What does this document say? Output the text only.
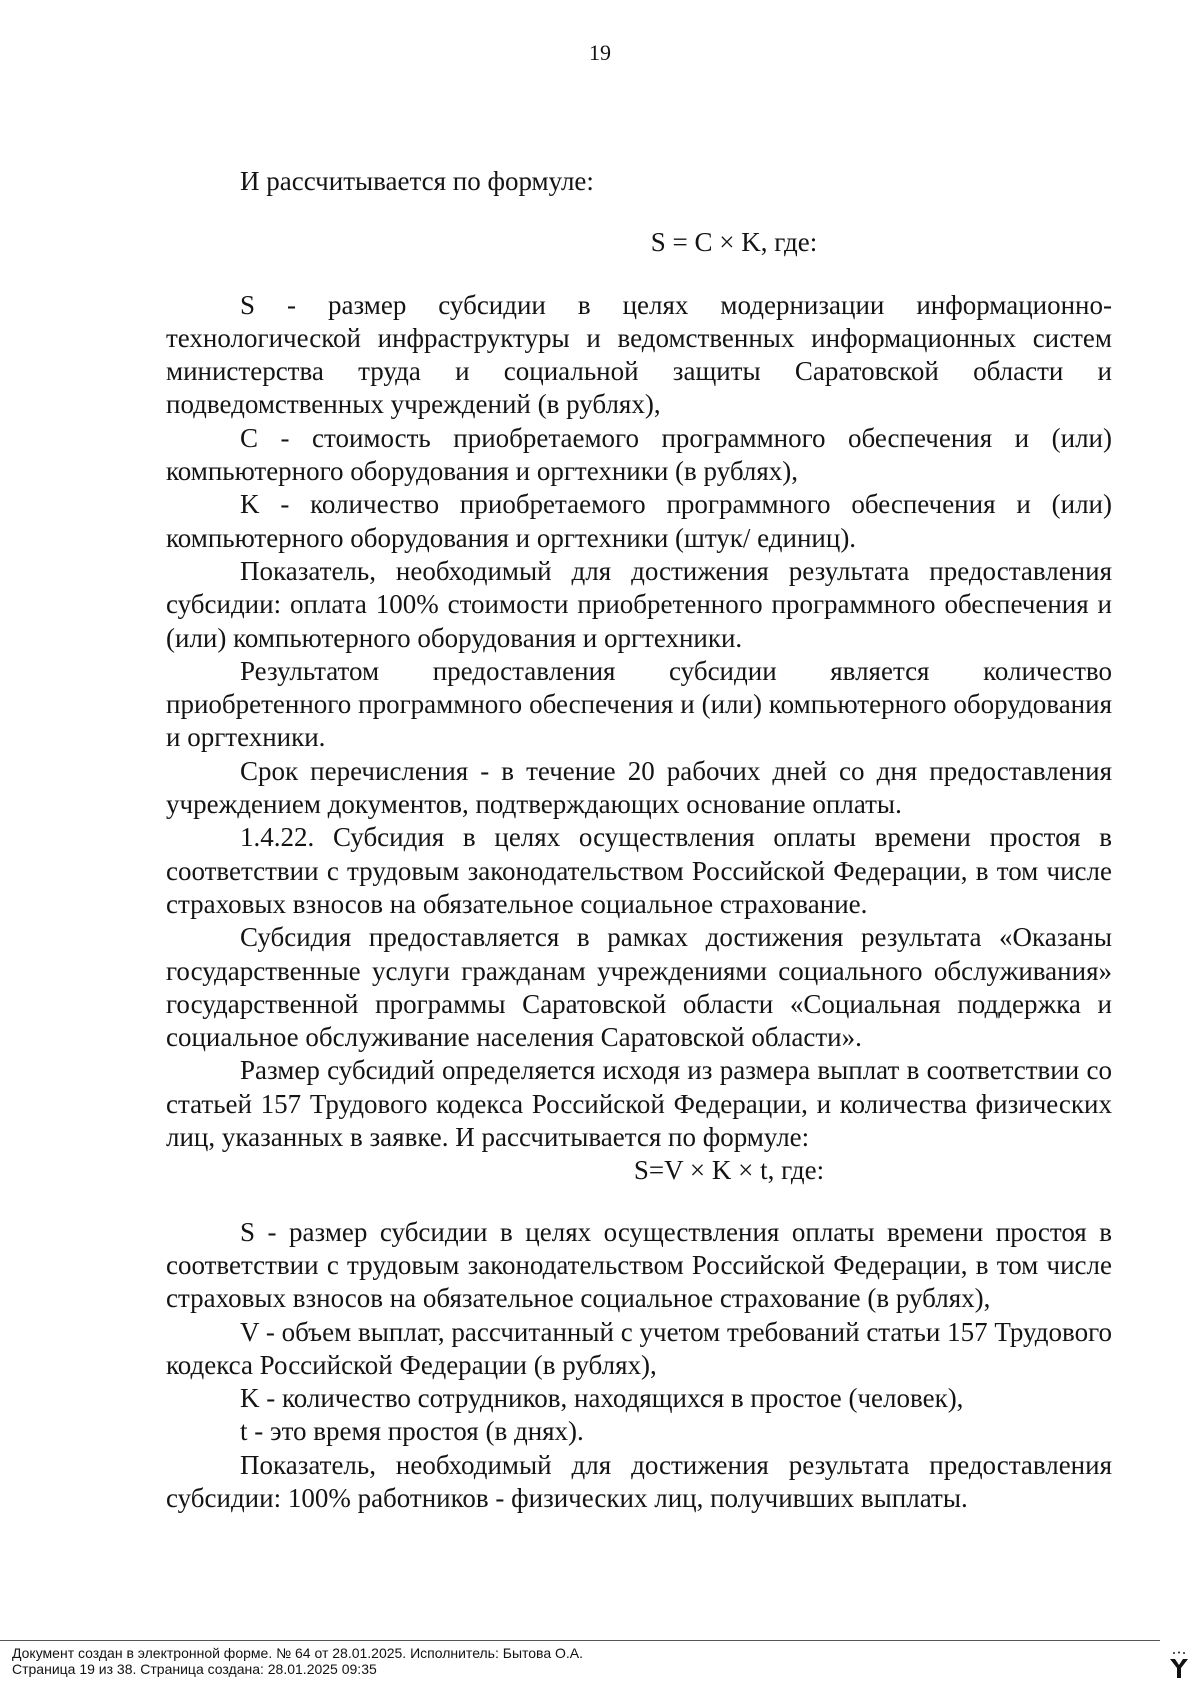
19

И рассчитывается по формуле:

S = C × K, где:

S - размер субсидии в целях модернизации информационно-технологической инфраструктуры и ведомственных информационных систем министерства труда и социальной защиты Саратовской области и подведомственных учреждений (в рублях),

C - стоимость приобретаемого программного обеспечения и (или) компьютерного оборудования и оргтехники (в рублях),

K - количество приобретаемого программного обеспечения и (или) компьютерного оборудования и оргтехники (штук/ единиц).

Показатель, необходимый для достижения результата предоставления субсидии: оплата 100% стоимости приобретенного программного обеспечения и (или) компьютерного оборудования и оргтехники.

Результатом предоставления субсидии является количество приобретенного программного обеспечения и (или) компьютерного оборудования и оргтехники.

Срок перечисления - в течение 20 рабочих дней со дня предоставления учреждением документов, подтверждающих основание оплаты.

1.4.22. Субсидия в целях осуществления оплаты времени простоя в соответствии с трудовым законодательством Российской Федерации, в том числе страховых взносов на обязательное социальное страхование.

Субсидия предоставляется в рамках достижения результата «Оказаны государственные услуги гражданам учреждениями социального обслуживания» государственной программы Саратовской области «Социальная поддержка и социальное обслуживание населения Саратовской области».

Размер субсидий определяется исходя из размера выплат в соответствии со статьей 157 Трудового кодекса Российской Федерации, и количества физических лиц, указанных в заявке. И рассчитывается по формуле:

S=V × K × t, где:

S - размер субсидии в целях осуществления оплаты времени простоя в соответствии с трудовым законодательством Российской Федерации, в том числе страховых взносов на обязательное социальное страхование (в рублях),

V - объем выплат, рассчитанный с учетом требований статьи 157 Трудового кодекса Российской Федерации (в рублях),

K - количество сотрудников, находящихся в простое (человек),

t - это время простоя (в днях).

Показатель, необходимый для достижения результата предоставления субсидии: 100% работников - физических лиц, получивших выплаты.

Документ создан в электронной форме. № 64 от 28.01.2025. Исполнитель: Бытова О.А.
Страница 19 из 38. Страница создана: 28.01.2025 09:35
